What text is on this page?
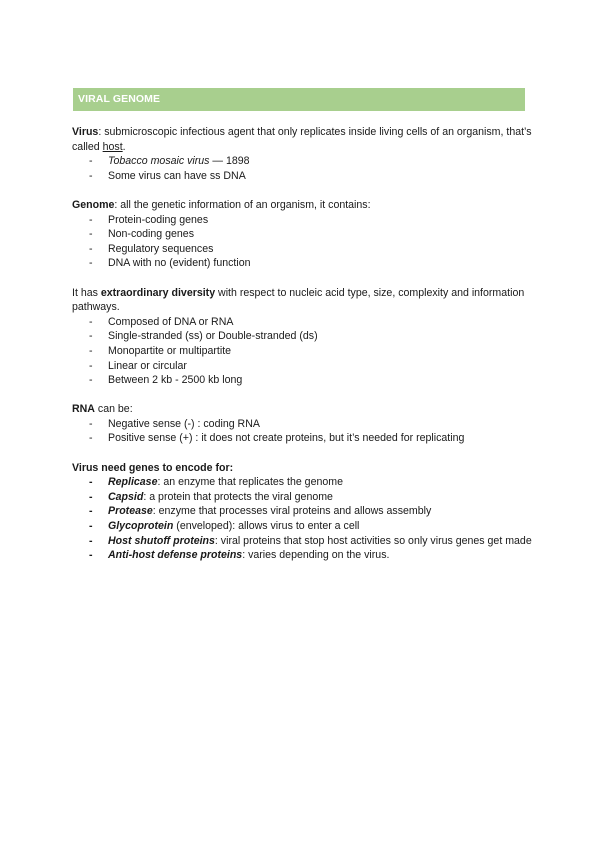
VIRAL GENOME

Virus: submicroscopic infectious agent that only replicates inside living cells of an organism, that’s called host.

- Tobacco mosaic virus — 1898
- Some virus can have ss DNA

Genome: all the genetic information of an organism, it contains:

- Protein-coding genes
- Non-coding genes
- Regulatory sequences
- DNA with no (evident) function

It has extraordinary diversity with respect to nucleic acid type, size, complexity and information pathways.

- Composed of DNA or RNA
- Single-stranded (ss) or Double-stranded (ds)
- Monopartite or multipartite
- Linear or circular
- Between 2 kb - 2500 kb long

RNA can be:

- Negative sense (-) : coding RNA
- Positive sense (+) : it does not create proteins, but it’s needed for replicating

Virus need genes to encode for:

- Replicase: an enzyme that replicates the genome
- Capsid: a protein that protects the viral genome
- Protease: enzyme that processes viral proteins and allows assembly
- Glycoprotein (enveloped): allows virus to enter a cell
- Host shutoff proteins: viral proteins that stop host activities so only virus genes get made
- Anti-host defense proteins: varies depending on the virus.
